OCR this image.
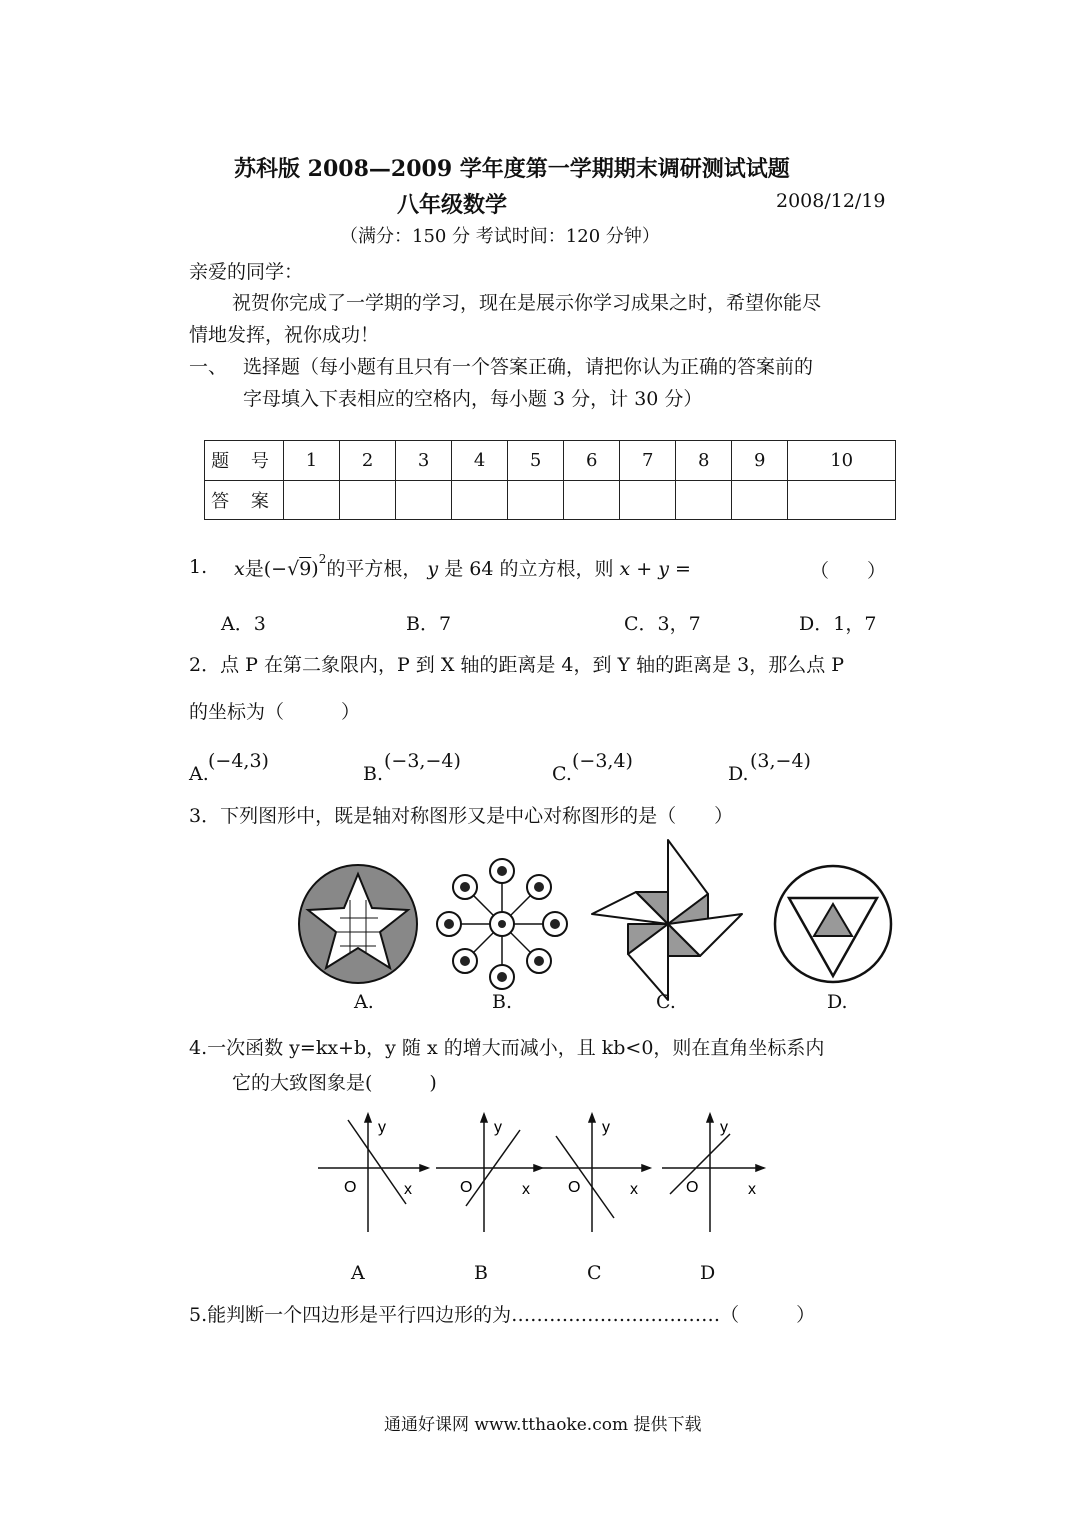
苏科版 2008—2009 学年度第一学期期末调研测试试题
八年级数学	2008/12/19
（满分：150 分 考试时间：120 分钟）
亲爱的同学：
祝贺你完成了一学期的学习，现在是展示你学习成果之时，希望你能尽
情地发挥，祝你成功！
一、 选择题（每小题有且只有一个答案正确，请把你认为正确的答案前的
字母填入下表相应的空格内，每小题 3 分，计 30 分）
题 号	1	2	3	4	5	6	7	8	9	10
答 案										
1. x是$(-√9)^2$的平方根， y 是 64 的立方根，则 x + y =	（　　）
A．3	B．7	C．3，7	D．1，7
2．点 P 在第二象限内，P 到 X 轴的距离是 4，到 Y 轴的距离是 3，那么点 P
的坐标为（　　　）
A.
(−4,3)
B.
(−3,−4)
C.
(−3,4)
D.
(3,−4)
3．下列图形中，既是轴对称图形又是中心对称图形的是（　　）
A.	B.	C.	D.
4.一次函数 y=kx+b，y 随 x 的增大而减小，且 kb<0，则在直角坐标系内
它的大致图象是(　　　)
y
x
O
y
x
O
y
x
O
y
x
O
A	B	C	D
5.能判断一个四边形是平行四边形的为……………………………（　　　）
通通好课网 www.tthaoke.com 提供下载
